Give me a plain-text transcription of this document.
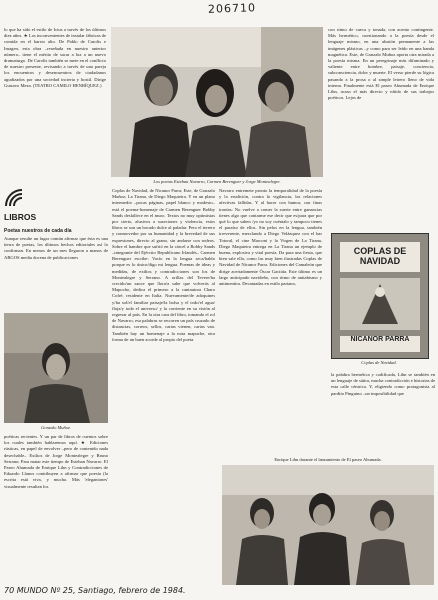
206710

lo que ha sido el estilo de Ictus a través de los últimos diez años. ★ Los inconvenientes de instalar fábricas de comida en el barrio alto. De Pablo de Carolis e Imagen, esta obra –reseñada en nuestro anterior número– tiene el mérito de sacar a luz a un nuevo dramaturgo. De Carolis también se mete en el conflicto de nuestro presente, revisando a través de una pareja los encuentros y desencuentros de ciudadanos agudizados por una sociedad incierta y hostil. Dirige Gustavo Meza. (TEATRO CAMILO HENRÍQUEZ.)

Los poetas Esteban Navarro, Carmen Berenguer y Jorge Montealegre.

con ritmo de cueca y tonada, con acento contingente. Más hermético, cuestionando a la poesía desde el lenguaje mismo, en una alusión permanente a las imágenes plásticas –y como para ser leído en una banda magnética. Este, de Gonzalo Muñoz aporta otra mirada a la poesía misma. En un peregrinaje más difuminado y valiente entre hombre, paisaje, conciencia, subconsciencia, dolor y muerte. El verso pierde su lógica pasando a la prosa o al simple letrero lleno de vida interna. Finalmente está El paseo Ahumada de Enrique Lihn, acaso el más directo y nítido de sus trabajos poéticos. Lejos de

LIBROS
Poetas nuestros de cada día

Aunque resulte un lugar común afirmar que ésta es una tierra de poetas, los últimos hechos editoriales así lo confirman. En menos de un mes llegaron a manos de ARGOS media docena de publicaciones

Gonzalo Muñoz.

poéticas recientes. Y un par de libros de cuentos sobre los cuales también hablaremos aquí. ★ Ediciones rústicas, en papel de envolver –pero de contenido nada desechable– Exilios de Jorge Montealegre y Bruno Serrano; Para matar este tiempo de Esteban Navarro. El Paseo Ahumada de Enrique Lihn y Contradicciones de Eduardo Llanos contribuyen a afirmar que poesía (la escrita está viva, y mucha. Más 'elegantones' visualmente resultan los

Coplas de Navidad, de Nicanor Parra; Este, de Gonzalo Muñoz; La Tirana, de Diego Maquieira. Y en un plano intermedio –pocas páginas, papel blanco y modesto– está el poema-homenaje de Carmen Berenguer Bobby Sands desfallece en el muro. Textos no muy optimistas por cierto, alusivos a suseciones y violencia, estos libros se son un bocado dulce al paladar. Pero el terrero y conmovedor por su humanidad y la brevedad de sus expresiones, directo al grano, sin andarse con rodeos. Sobre el hambre que sufrió en la cárcel a Bobby Sands –integrante del Ejército Republicano Irlandés– Carmen Berenguer escribe: Vacío en la lengua seca/hablo porque es lo único/digo mi lengua. Poemas de ideas y medidas, de exilios y contradicciones son los de Montealegre y Serrano. A orillas del Tevere/ha crecido/un sauce que llora/a sabe que volverás al Mapocho, dedica el primero a la cantautora Charo Cofré, residente en Italia. Nuevamente/de adoquines y/ha sol/el familiar paisaje/la bolsa y el todo/el agua/ floja/y todo el universo/ y la corriente en su visión al regresar al país. En la otra cara del libro, tomando el rol de Navarro, esa palabras se recorren un país cruzado de distancias, correos, sellos, cartas vienen, cartas van. También hay un homenaje a la nota mapuche, otra forma de un buen acorde al propio del poeta.

Navarro entremete pronto la temporalidad de la poesía y la erudición, contra la vigilancia, las relaciones afectivas fallidas. Y al hacer con humor, con finas ironías: No vuelve a comer la suerte entre ganancias tienes algo que contarme ese decir que es/para que por qué lo que saben /yo no soy cuéntalo y tampoco tienes el paraíso de ellos. Sin pelos en la lengua, también irreverente, mezclando a Diego Velázquez con el bar Totoral, el cine Marconi y la Virgen de La Tirana, Diego Maquieira entrega en La Tirana un ejemplo de buena, explosiva y vital poesía. Da para una fiesta, que bien sale ella, como las muy bien ilustradas Coplas de Navidad de Nicanor Parra. Ediciones del Camaleón que dirige acertadamente Óscar Gacitúa. Este último es un largo anticipado navideño, con ritmo de antiabismo y antimentira. Decantadas en estilo pariano,

COPLAS DE NAVIDAD
NICANOR PARRA
Coplas de Navidad.

la palabra hermética y codificada, Lihn se también en un lenguaje de sátira, mucha contradicción e historias de esta calle céntrica. Y, eligiendo como protagonista al pardito Pinguino –un imposibilidad que

Enrique Lihn durante el lanzamiento de El paseo Ahumada.
70 MUNDO Nº 25, Santiago, febrero de 1984.
